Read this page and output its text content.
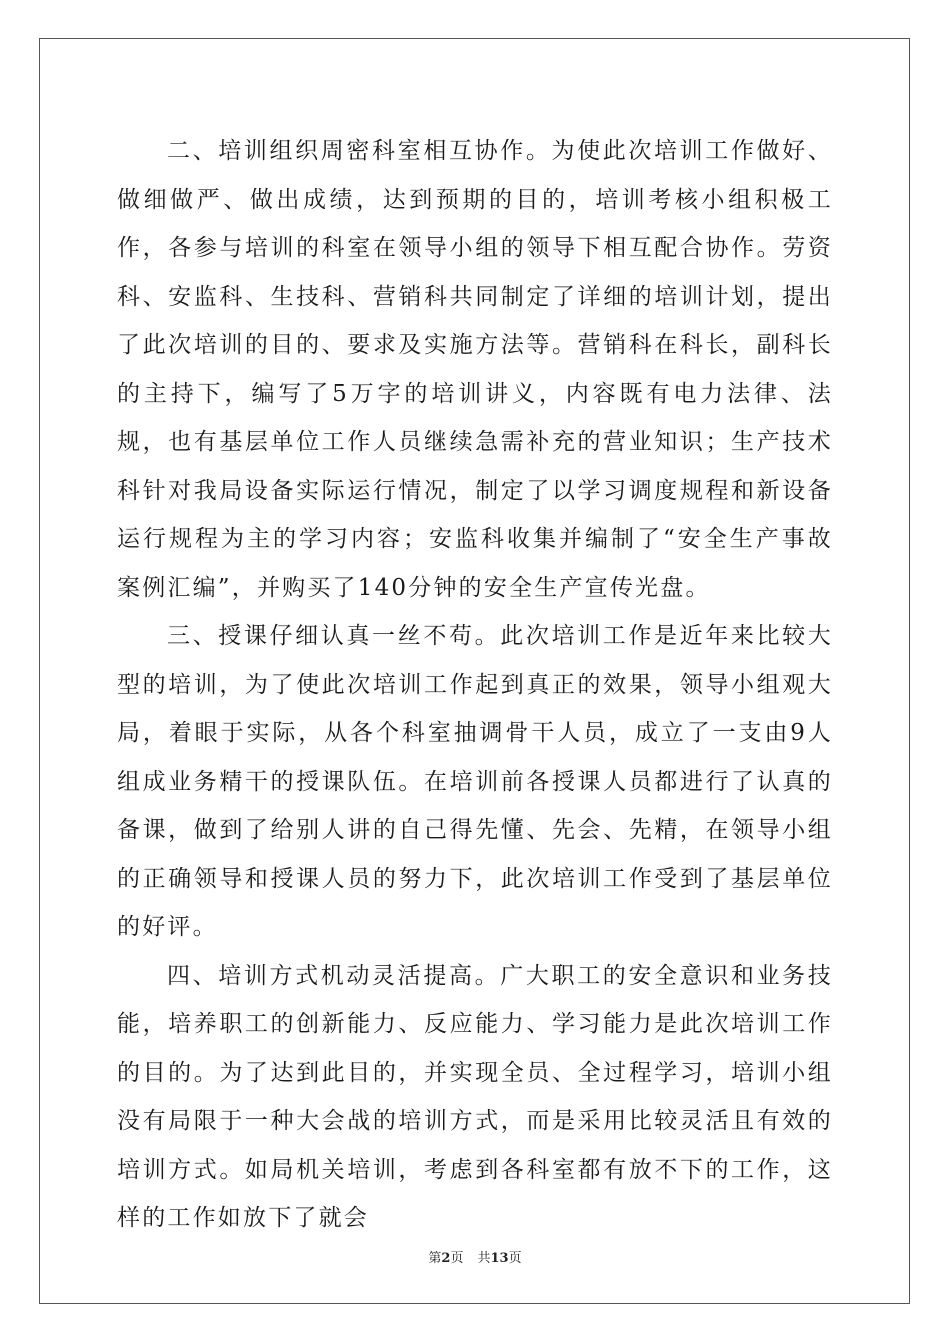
二、培训组织周密科室相互协作。为使此次培训工作做好、做细做严、做出成绩，达到预期的目的，培训考核小组积极工作，各参与培训的科室在领导小组的领导下相互配合协作。劳资科、安监科、生技科、营销科共同制定了详细的培训计划，提出了此次培训的目的、要求及实施方法等。营销科在科长，副科长的主持下，编写了5万字的培训讲义，内容既有电力法律、法规，也有基层单位工作人员继续急需补充的营业知识；生产技术科针对我局设备实际运行情况，制定了以学习调度规程和新设备运行规程为主的学习内容；安监科收集并编制了“安全生产事故案例汇编”，并购买了140分钟的安全生产宣传光盘。

三、授课仔细认真一丝不苟。此次培训工作是近年来比较大型的培训，为了使此次培训工作起到真正的效果，领导小组观大局，着眼于实际，从各个科室抽调骨干人员，成立了一支由9人组成业务精干的授课队伍。在培训前各授课人员都进行了认真的备课，做到了给别人讲的自己得先懂、先会、先精，在领导小组的正确领导和授课人员的努力下，此次培训工作受到了基层单位的好评。

四、培训方式机动灵活提高。广大职工的安全意识和业务技能，培养职工的创新能力、反应能力、学习能力是此次培训工作的目的。为了达到此目的，并实现全员、全过程学习，培训小组没有局限于一种大会战的培训方式，而是采用比较灵活且有效的培训方式。如局机关培训，考虑到各科室都有放不下的工作，这样的工作如放下了就会

第2页 共13页
